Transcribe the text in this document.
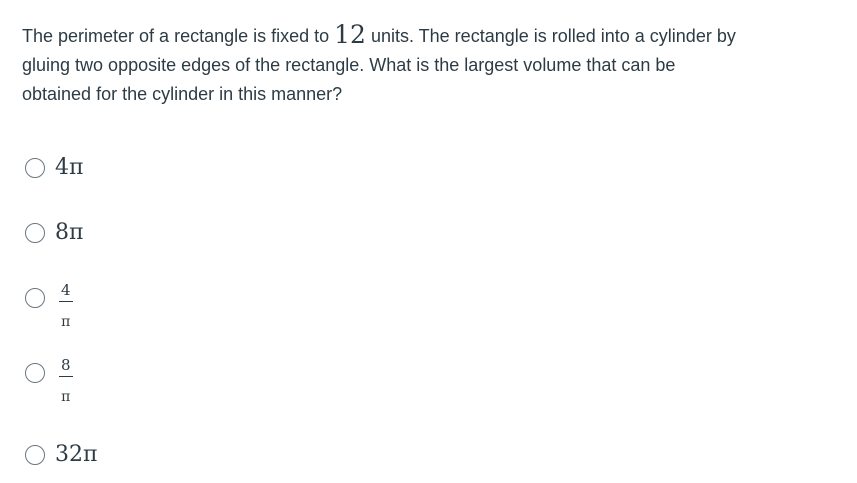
The perimeter of a rectangle is fixed to 12 units. The rectangle is rolled into a cylinder by gluing two opposite edges of the rectangle. What is the largest volume that can be obtained for the cylinder in this manner?
4π
8π
$\frac{4}{\pi}$
$\frac{8}{\pi}$
32π
